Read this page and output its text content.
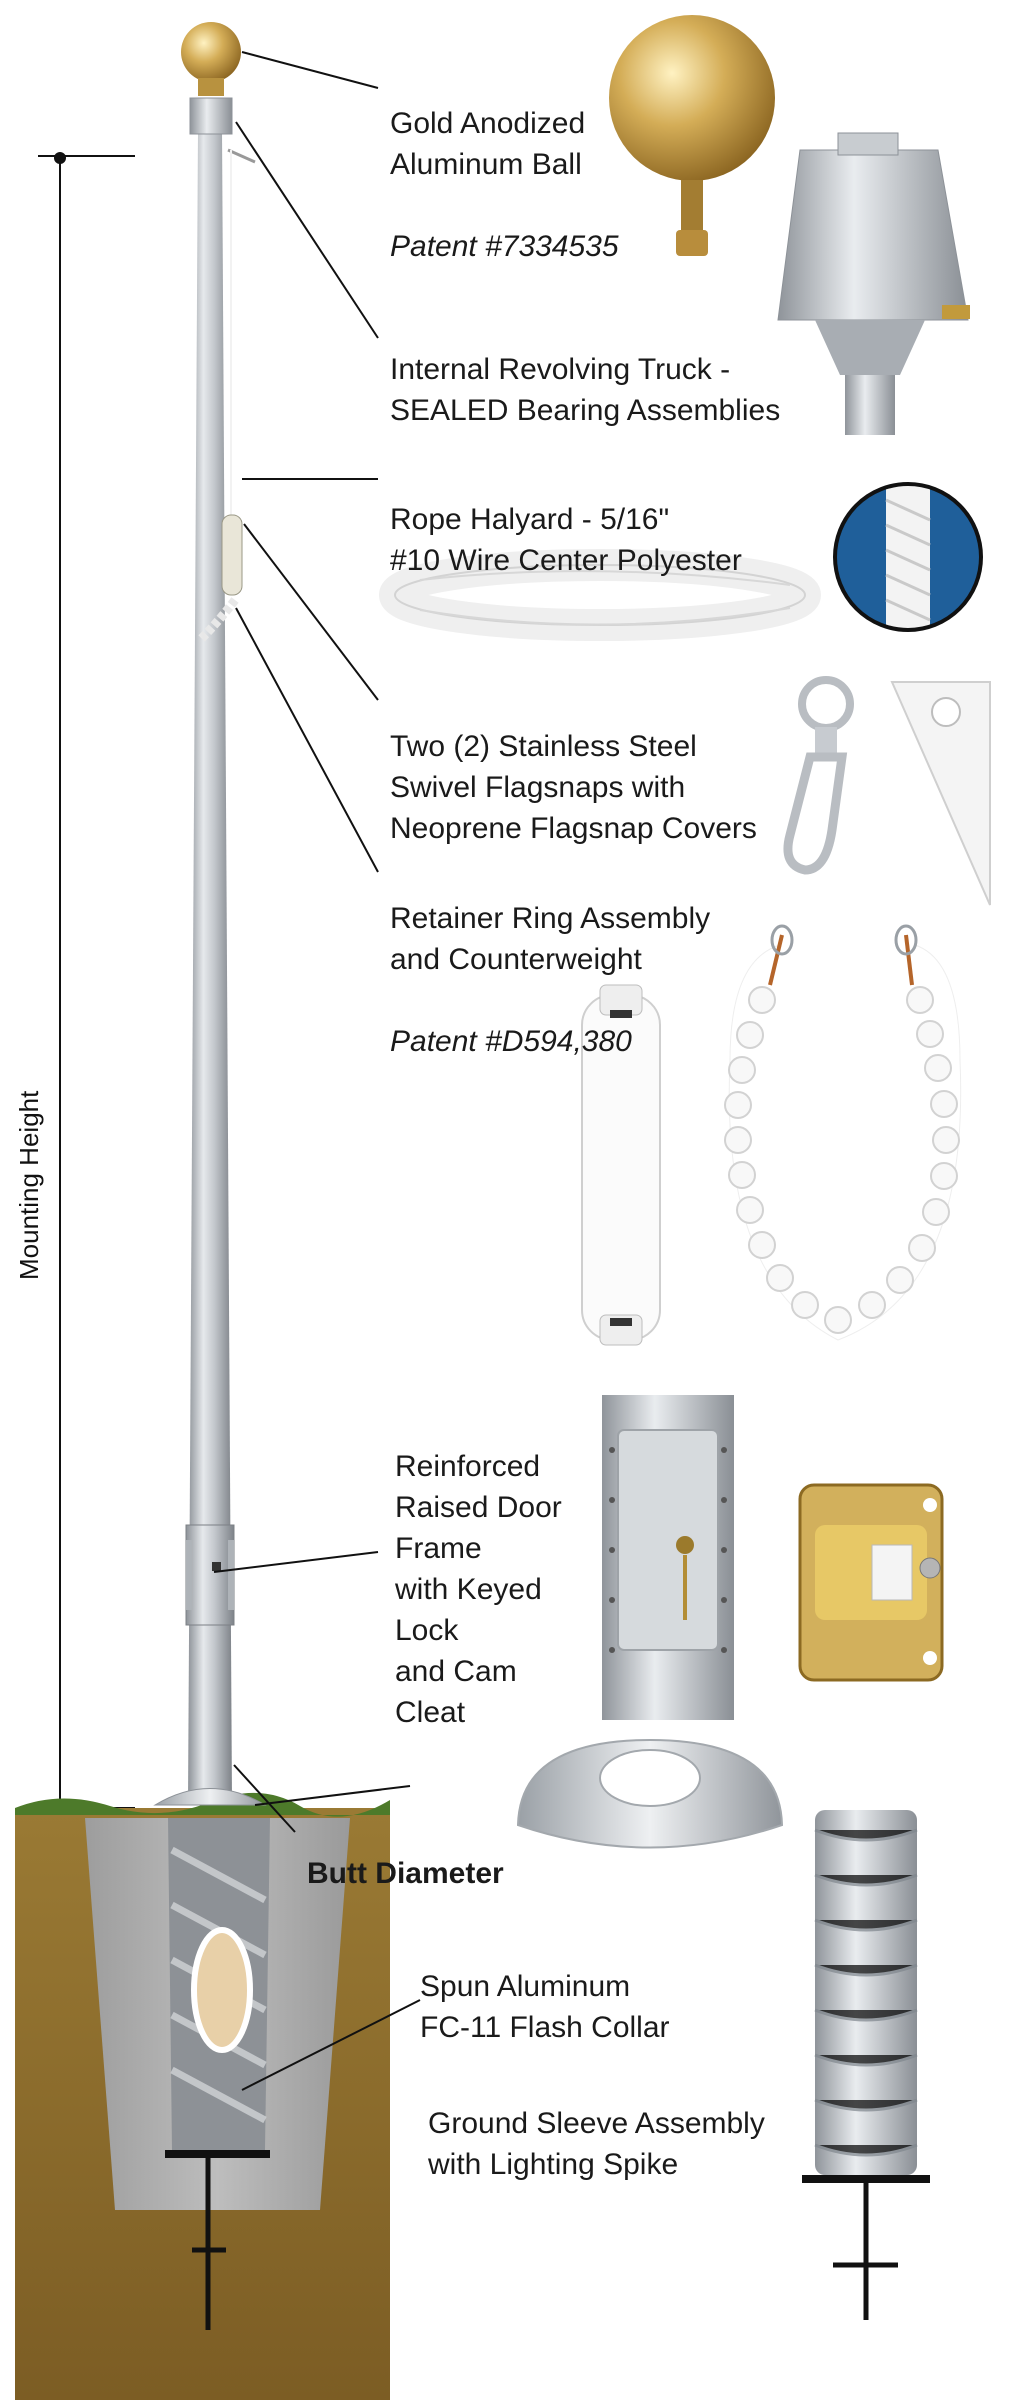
Mounting Height

Gold Anodized
Aluminum Ball

Patent #7334535

Internal Revolving Truck -
SEALED Bearing Assemblies

Rope Halyard - 5/16"
#10 Wire Center Polyester

Two (2) Stainless Steel
Swivel Flagsnaps with
Neoprene Flagsnap Covers

Retainer Ring Assembly
and Counterweight

Patent #D594,380

Reinforced
Raised Door
Frame
with Keyed
Lock
and Cam
Cleat

Butt Diameter

Spun Aluminum
FC-11 Flash Collar

Ground Sleeve Assembly
with Lighting Spike
